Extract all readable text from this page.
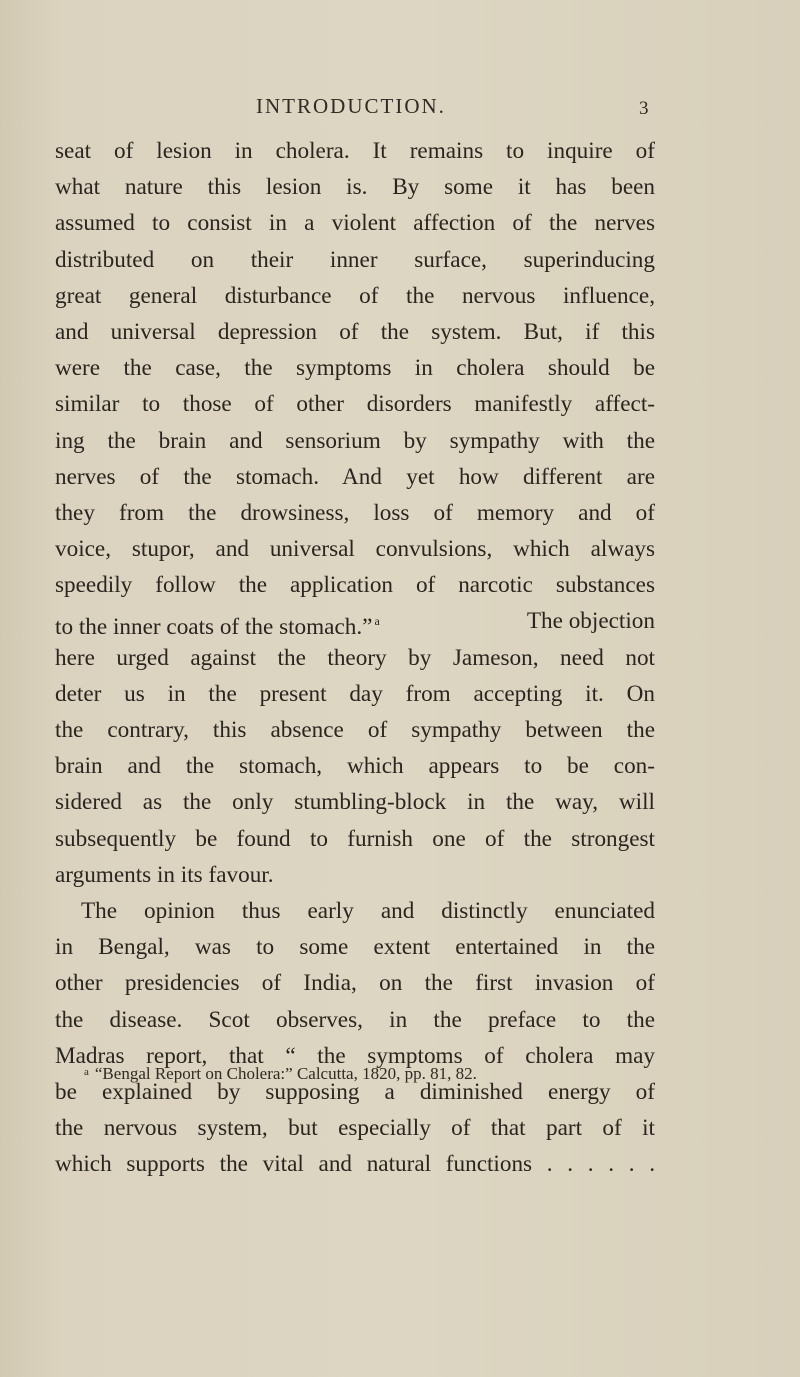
INTRODUCTION.	3
seat of lesion in cholera. It remains to inquire of
what nature this lesion is. By some it has been
assumed to consist in a violent affection of the nerves
distributed on their inner surface, superinducing
great general disturbance of the nervous influence,
and universal depression of the system. But, if this
were the case, the symptoms in cholera should be
similar to those of other disorders manifestly affect-
ing the brain and sensorium by sympathy with the
nerves of the stomach. And yet how different are
they from the drowsiness, loss of memory and of
voice, stupor, and universal convulsions, which always
speedily follow the application of narcotic substances
to the inner coats of the stomach.” $^a$	The objection
here urged against the theory by Jameson, need not
deter us in the present day from accepting it. On
the contrary, this absence of sympathy between the
brain and the stomach, which appears to be con-
sidered as the only stumbling-block in the way, will
subsequently be found to furnish one of the strongest
arguments in its favour.
The opinion thus early and distinctly enunciated
in Bengal, was to some extent entertained in the
other presidencies of India, on the first invasion of
the disease. Scot observes, in the preface to the
Madras report, that “ the symptoms of cholera may
be explained by supposing a diminished energy of
the nervous system, but especially of that part of it
which supports the vital and natural functions . . . . . .
$^a$ “Bengal Report on Cholera:” Calcutta, 1820, pp. 81, 82.
